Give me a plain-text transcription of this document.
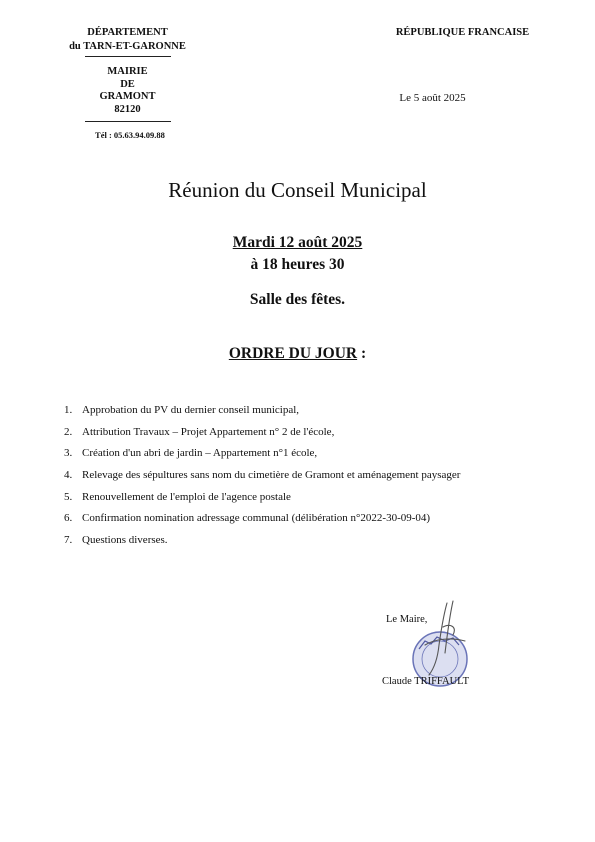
DÉPARTEMENT
du TARN-ET-GARONNE
MAIRIE
DE
GRAMONT
82120
Tél : 05.63.94.09.88
RÉPUBLIQUE FRANCAISE
Le 5 août 2025
Réunion du Conseil Municipal
Mardi 12 août 2025
à 18 heures 30
Salle des fêtes.
ORDRE DU JOUR :
1. Approbation du PV du dernier conseil municipal,
2. Attribution Travaux – Projet Appartement n° 2 de l'école,
3. Création d'un abri de jardin – Appartement n°1 école,
4. Relevage des sépultures sans nom du cimetière de Gramont et aménagement paysager
5. Renouvellement de l'emploi de l'agence postale
6. Confirmation nomination adressage communal (délibération n°2022-30-09-04)
7. Questions diverses.
Le Maire,
Claude TRIFFAULT
